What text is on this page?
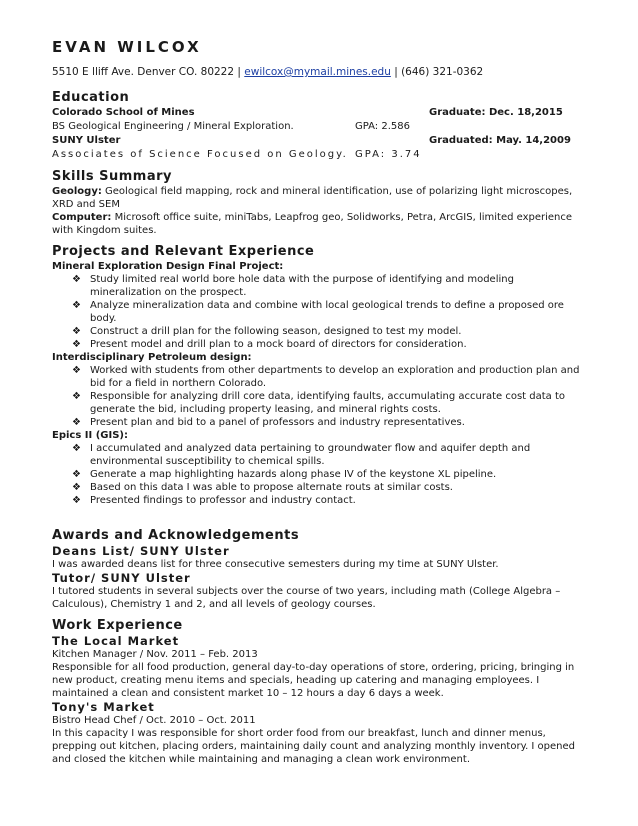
EVAN WILCOX

5510 E lliff Ave. Denver CO. 80222 | ewilcox@mymail.mines.edu | (646) 321-0362

Education
Colorado School of Mines	Graduate: Dec. 18,2015
BS Geological Engineering / Mineral Exploration.	GPA: 2.586
SUNY Ulster	Graduated: May. 14,2009
Associates of Science Focused on Geology. GPA: 3.74
Skills Summary

Geology: Geological field mapping, rock and mineral identification, use of polarizing light microscopes, XRD and SEM

Computer: Microsoft office suite, miniTabs, Leapfrog geo, Solidworks, Petra, ArcGIS, limited experience with Kingdom suites.

Projects and Relevant Experience

Mineral Exploration Design Final Project:

❖ Study limited real world bore hole data with the purpose of identifying and modeling mineralization on the prospect.
❖ Analyze mineralization data and combine with local geological trends to define a proposed ore body.
❖ Construct a drill plan for the following season, designed to test my model.
❖ Present model and drill plan to a mock board of directors for consideration.

Interdisciplinary Petroleum design:

❖ Worked with students from other departments to develop an exploration and production plan and bid for a field in northern Colorado.
❖ Responsible for analyzing drill core data, identifying faults, accumulating accurate cost data to generate the bid, including property leasing, and mineral rights costs.
❖ Present plan and bid to a panel of professors and industry representatives.

Epics II (GIS):

❖ I accumulated and analyzed data pertaining to groundwater flow and aquifer depth and environmental susceptibility to chemical spills.
❖ Generate a map highlighting hazards along phase IV of the keystone XL pipeline.
❖ Based on this data I was able to propose alternate routs at similar costs.
❖ Presented findings to professor and industry contact.
Awards and Acknowledgements
Deans List/ SUNY Ulster

I was awarded deans list for three consecutive semesters during my time at SUNY Ulster.

Tutor/ SUNY Ulster

I tutored students in several subjects over the course of two years, including math (College Algebra – Calculous), Chemistry 1 and 2, and all levels of geology courses.

Work Experience
The Local Market

Kitchen Manager / Nov. 2011 – Feb. 2013

Responsible for all food production, general day-to-day operations of store, ordering, pricing, bringing in new product, creating menu items and specials, heading up catering and managing employees. I maintained a clean and consistent market 10 – 12 hours a day 6 days a week.

Tony's Market

Bistro Head Chef / Oct. 2010 – Oct. 2011

In this capacity I was responsible for short order food from our breakfast, lunch and dinner menus, prepping out kitchen, placing orders, maintaining daily count and analyzing monthly inventory. I opened and closed the kitchen while maintaining and managing a clean work environment.
